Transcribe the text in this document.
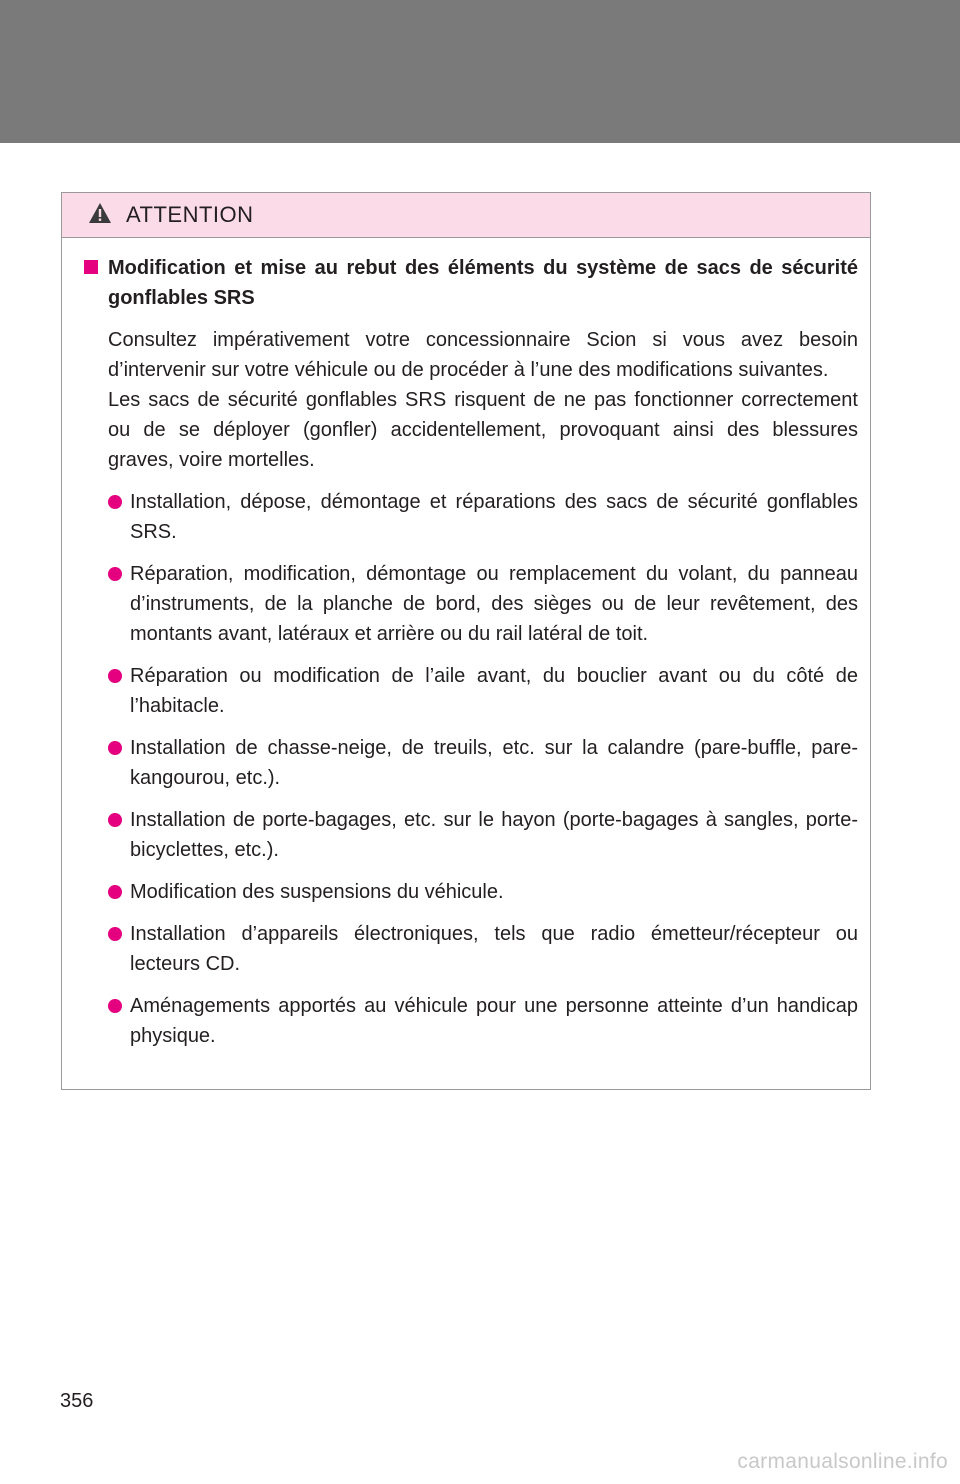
ATTENTION
Modification et mise au rebut des éléments du système de sacs de sécurité gonflables SRS
Consultez impérativement votre concessionnaire Scion si vous avez besoin d’intervenir sur votre véhicule ou de procéder à l’une des modifications suivantes.
Les sacs de sécurité gonflables SRS risquent de ne pas fonctionner correctement ou de se déployer (gonfler) accidentellement, provoquant ainsi des blessures graves, voire mortelles.
Installation, dépose, démontage et réparations des sacs de sécurité gonflables SRS.
Réparation, modification, démontage ou remplacement du volant, du panneau d’instruments, de la planche de bord, des sièges ou de leur revêtement, des montants avant, latéraux et arrière ou du rail latéral de toit.
Réparation ou modification de l’aile avant, du bouclier avant ou du côté de l’habitacle.
Installation de chasse-neige, de treuils, etc. sur la calandre (pare-buffle, pare-kangourou, etc.).
Installation de porte-bagages, etc. sur le hayon (porte-bagages à sangles, porte-bicyclettes, etc.).
Modification des suspensions du véhicule.
Installation d’appareils électroniques, tels que radio émetteur/récepteur ou lecteurs CD.
Aménagements apportés au véhicule pour une personne atteinte d’un handicap physique.
356
carmanualsonline.info
